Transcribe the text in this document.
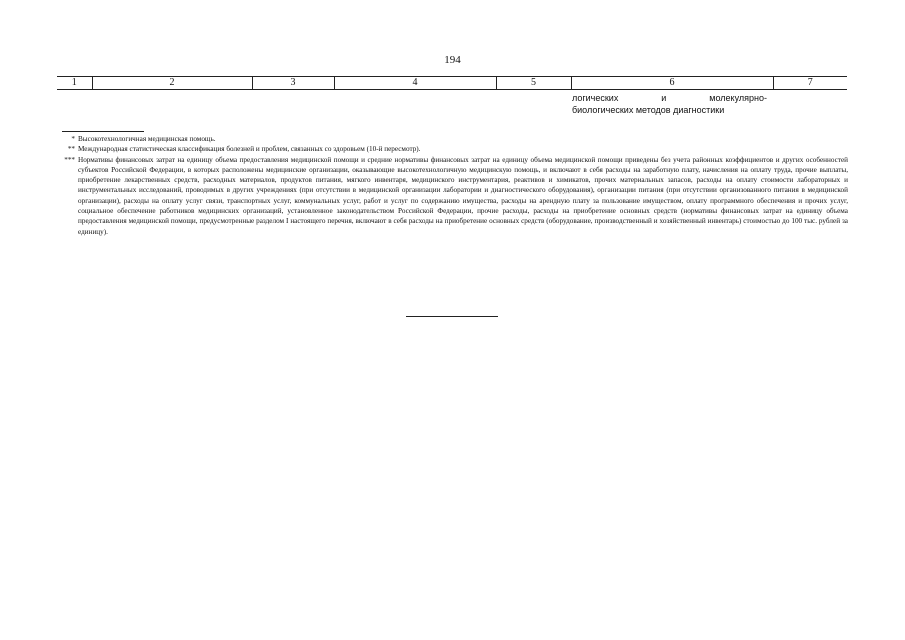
194
1	2	3	4	5	6	7
логических	и	молекулярно-
биологических методов диагностики
* Высокотехнологичная медицинская помощь.
** Международная статистическая классификация болезней и проблем, связанных со здоровьем (10-й пересмотр).
*** Нормативы финансовых затрат на единицу объема предоставления медицинской помощи и средние нормативы финансовых затрат на единицу объема медицинской помощи приведены без учета районных коэффициентов и других особенностей субъектов Российской Федерации, в которых расположены медицинские организации, оказывающие высокотехнологичную медицинскую помощь, и включают в себя расходы на заработную плату, начисления на оплату труда, прочие выплаты, приобретение лекарственных средств, расходных материалов, продуктов питания, мягкого инвентаря, медицинского инструментария, реактивов и химикатов, прочих материальных запасов, расходы на оплату стоимости лабораторных и инструментальных исследований, проводимых в других учреждениях (при отсутствии в медицинской организации лаборатории и диагностического оборудования), организации питания (при отсутствии организованного питания в медицинской организации), расходы на оплату услуг связи, транспортных услуг, коммунальных услуг, работ и услуг по содержанию имущества, расходы на арендную плату за пользование имуществом, оплату программного обеспечения и прочих услуг, социальное обеспечение работников медицинских организаций, установленное законодательством Российской Федерации, прочие расходы, расходы на приобретение основных средств (нормативы финансовых затрат на единицу объема предоставления медицинской помощи, предусмотренные разделом I настоящего перечня, включают в себя расходы на приобретение основных средств (оборудование, производственный и хозяйственный инвентарь) стоимостью до 100 тыс. рублей за единицу).
